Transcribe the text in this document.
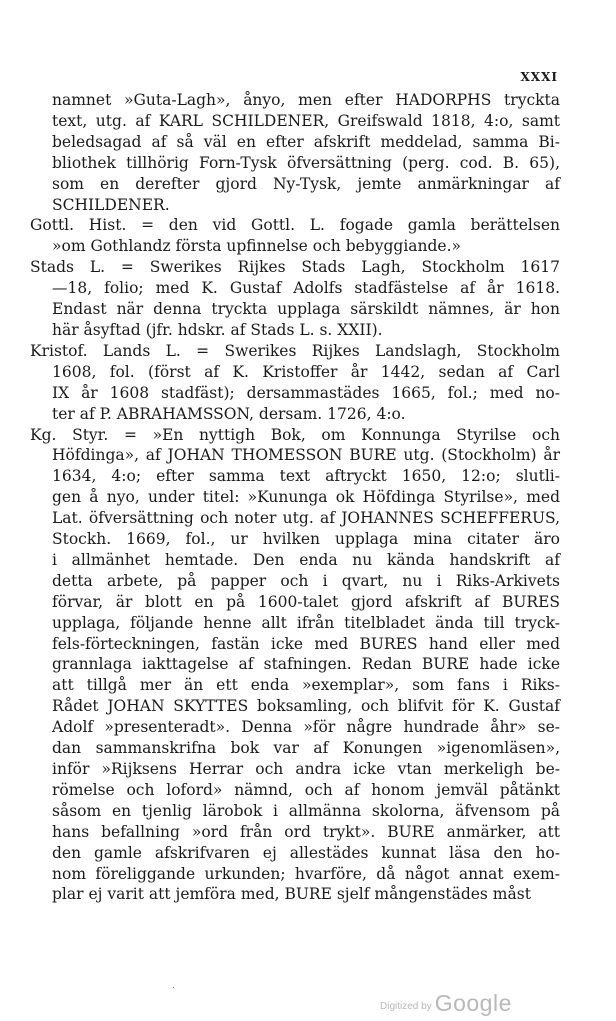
XXXI
namnet »Guta-Lagh», ånyo, men efter HADORPHS tryckta
text, utg. af KARL SCHILDENER, Greifswald 1818, 4:o, samt
beledsagad af så väl en efter afskrift meddelad, samma Bi-
bliothek tillhörig Forn-Tysk öfversättning (perg. cod. B. 65),
som en derefter gjord Ny-Tysk, jemte anmärkningar af
SCHILDENER.
Gottl. Hist. = den vid Gottl. L. fogade gamla berättelsen
»om Gothlandz första upfinnelse och bebyggiande.»
Stads L. = Swerikes Rijkes Stads Lagh, Stockholm 1617
—18, folio; med K. Gustaf Adolfs stadfästelse af år 1618.
Endast när denna tryckta upplaga särskildt nämnes, är hon
här åsyftad (jfr. hdskr. af Stads L. s. XXII).
Kristof. Lands L. = Swerikes Rijkes Landslagh, Stockholm
1608, fol. (först af K. Kristoffer år 1442, sedan af Carl
IX år 1608 stadfäst); dersammastädes 1665, fol.; med no-
ter af P. ABRAHAMSSON, dersam. 1726, 4:o.
Kg. Styr. = »En nyttigh Bok, om Konnunga Styrilse och
Höfdinga», af JOHAN THOMESSON BURE utg. (Stockholm) år
1634, 4:o; efter samma text aftryckt 1650, 12:o; slutli-
gen å nyo, under titel: »Kununga ok Höfdinga Styrilse», med
Lat. öfversättning och noter utg. af JOHANNES SCHEFFERUS,
Stockh. 1669, fol., ur hvilken upplaga mina citater äro
i allmänhet hemtade. Den enda nu kända handskrift af
detta arbete, på papper och i qvart, nu i Riks-Arkivets
förvar, är blott en på 1600-talet gjord afskrift af BURES
upplaga, följande henne allt ifrån titelbladet ända till tryck-
fels-förteckningen, fastän icke med BURES hand eller med
grannlaga iakttagelse af stafningen. Redan BURE hade icke
att tillgå mer än ett enda »exemplar», som fans i Riks-
Rådet JOHAN SKYTTES boksamling, och blifvit för K. Gustaf
Adolf »presenteradt». Denna »för någre hundrade åhr» se-
dan sammanskrifna bok var af Konungen »igenomläsen»,
inför »Rijksens Herrar och andra icke vtan merkeligh be-
römelse och loford» nämnd, och af honom jemväl påtänkt
såsom en tjenlig lärobok i allmänna skolorna, äfvensom på
hans befallning »ord från ord trykt». BURE anmärker, att
den gamle afskrifvaren ej allestädes kunnat läsa den ho-
nom föreliggande urkunden; hvarföre, då något annat exem-
plar ej varit att jemföra med, BURE sjelf mångenstädes måst
ˏ
Digitized by Google
